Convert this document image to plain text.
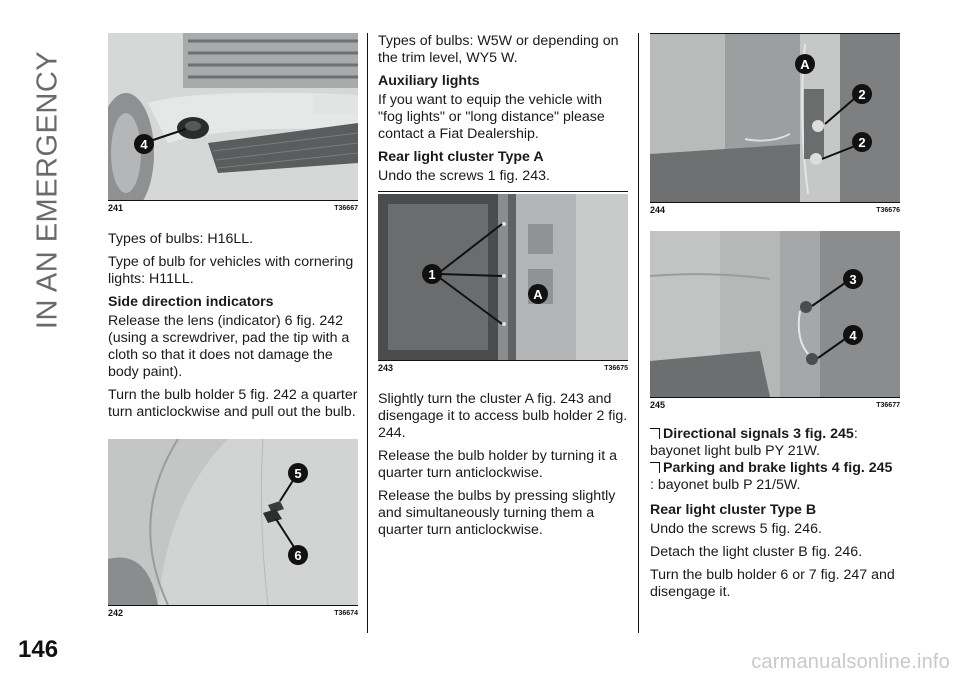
IN AN EMERGENCY	4
241	T36667

Types of bulbs: H16LL.

Type of bulb for vehicles with cornering lights: H11LL.

Side direction indicators

Release the lens (indicator) 6 fig. 242 (using a screwdriver, pad the tip with a cloth so that it does not damage the body paint).

Turn the bulb holder 5 fig. 242 a quarter turn anticlockwise and pull out the bulb.

5
6
242	T36674

Types of bulbs: W5W or depending on the trim level, WY5 W.

Auxiliary lights

If you want to equip the vehicle with "fog lights" or "long distance" please contact a Fiat Dealership.

Rear light cluster Type A

Undo the screws 1 fig. 243.

1
A
243	T36675

Slightly turn the cluster A fig. 243 and disengage it to access bulb holder 2 fig. 244.

Release the bulb holder by turning it a quarter turn anticlockwise.

Release the bulbs by pressing slightly and simultaneously turning them a quarter turn anticlockwise.

A
2
2
244	T36676
3
4
245	T36677
Directional signals 3 fig. 245: bayonet light bulb PY 21W.
Parking and brake lights 4 fig. 245 : bayonet bulb P 21/5W.
Rear light cluster Type B

Undo the screws 5 fig. 246.

Detach the light cluster B fig. 246.

Turn the bulb holder 6 or 7 fig. 247 and disengage it.

146	carmanualsonline.info
